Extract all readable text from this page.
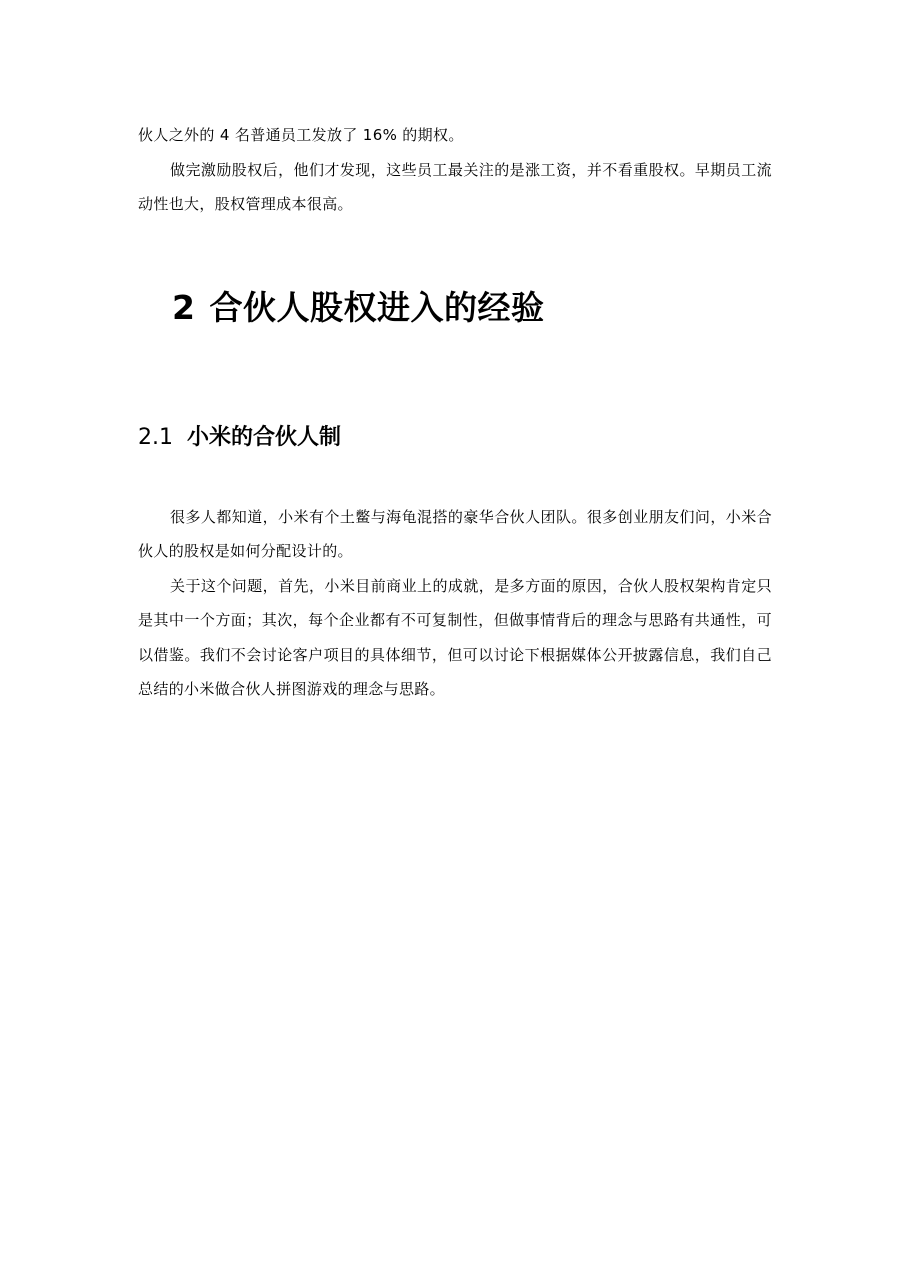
伙人之外的 4 名普通员工发放了 16% 的期权。

做完激励股权后，他们才发现，这些员工最关注的是涨工资，并不看重股权。早期员工流动性也大，股权管理成本很高。

2 合伙人股权进入的经验
2.1 小米的合伙人制

很多人都知道，小米有个土鳖与海龟混搭的豪华合伙人团队。很多创业朋友们问，小米合伙人的股权是如何分配设计的。

关于这个问题，首先，小米目前商业上的成就，是多方面的原因，合伙人股权架构肯定只是其中一个方面；其次，每个企业都有不可复制性，但做事情背后的理念与思路有共通性，可以借鉴。我们不会讨论客户项目的具体细节，但可以讨论下根据媒体公开披露信息，我们自己总结的小米做合伙人拼图游戏的理念与思路。
